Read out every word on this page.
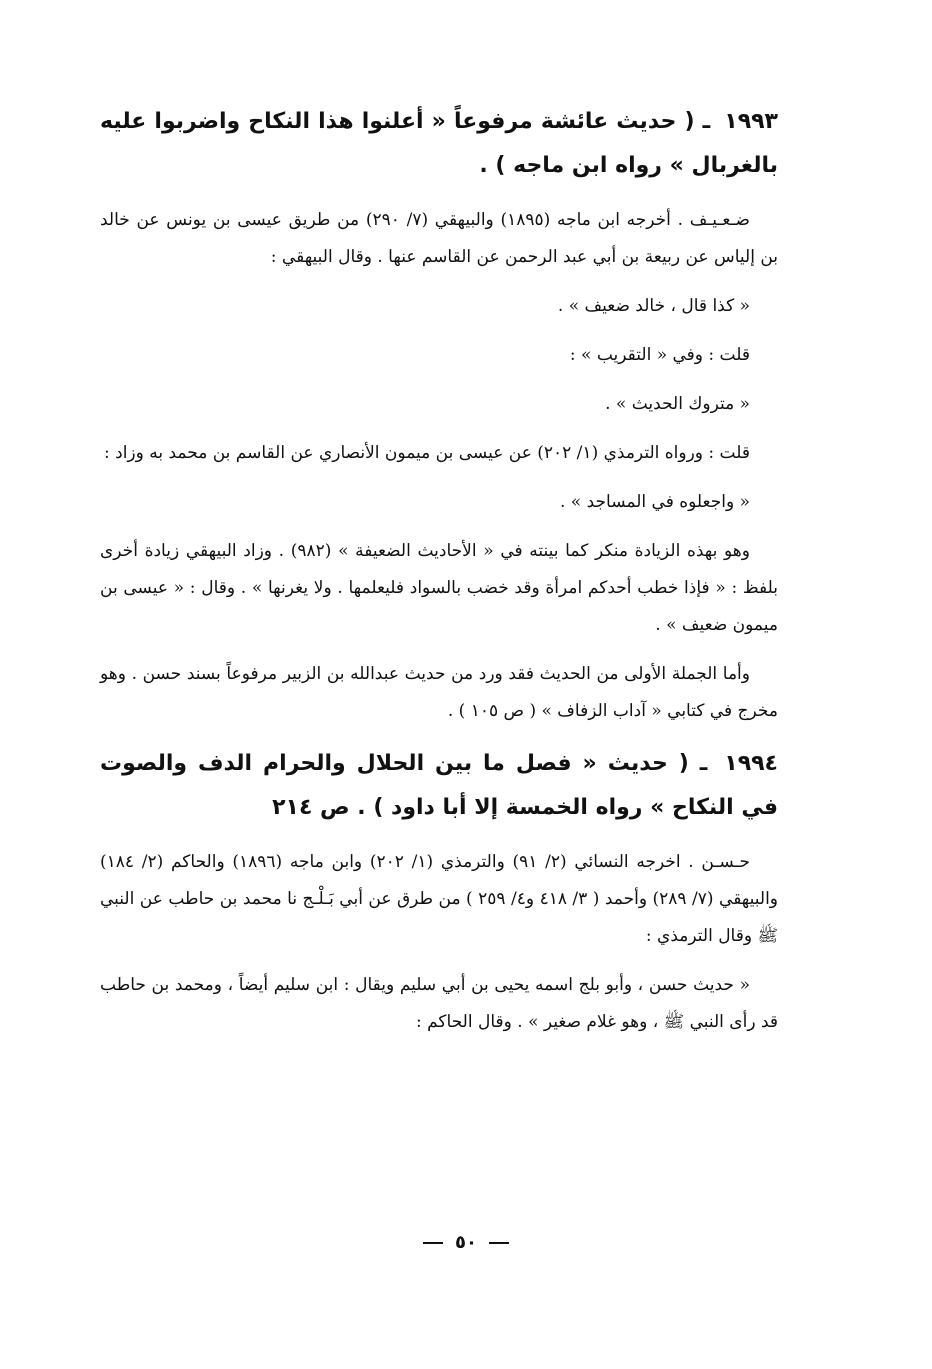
١٩٩٣ ـ ( حديث عائشة مرفوعاً « أعلنوا هذا النكاح واضربوا عليه بالغربال » رواه ابن ماجه ) .

ضـعـيـف . أخرجه ابن ماجه (١٨٩٥) والبيهقي (٧/ ٢٩٠) من طريق عيسى بن يونس عن خالد بن إلياس عن ربيعة بن أبي عبد الرحمن عن القاسم عنها . وقال البيهقي :

« كذا قال ، خالد ضعيف » .

قلت : وفي « التقريب » :

« متروك الحديث » .

قلت : ورواه الترمذي (١/ ٢٠٢) عن عيسى بن ميمون الأنصاري عن القاسم بن محمد به وزاد :

« واجعلوه في المساجد » .

وهو بهذه الزيادة منكر كما بينته في « الأحاديث الضعيفة » (٩٨٢) . وزاد البيهقي زيادة أخرى بلفظ : « فإذا خطب أحدكم امرأة وقد خضب بالسواد فليعلمها . ولا يغرنها » . وقال : « عيسى بن ميمون ضعيف » .

وأما الجملة الأولى من الحديث فقد ورد من حديث عبدالله بن الزبير مرفوعاً بسند حسن . وهو مخرج في كتابي « آداب الزفاف » ( ص ١٠٥ ) .

١٩٩٤ ـ ( حديث « فصل ما بين الحلال والحرام الدف والصوت في النكاح » رواه الخمسة إلا أبا داود ) . ص ٢١٤

حـسـن . اخرجه النسائي (٢/ ٩١) والترمذي (١/ ٢٠٢) وابن ماجه (١٨٩٦) والحاكم (٢/ ١٨٤) والبيهقي (٧/ ٢٨٩) وأحمد ( ٣/ ٤١٨ و٤/ ٢٥٩ ) من طرق عن أبي بَـلْـج نا محمد بن حاطب عن النبي ﷺ وقال الترمذي :

« حديث حسن ، وأبو بلج اسمه يحيى بن أبي سليم ويقال : ابن سليم أيضاً ، ومحمد بن حاطب قد رأى النبي ﷺ ، وهو غلام صغير » . وقال الحاكم :

٥٠
